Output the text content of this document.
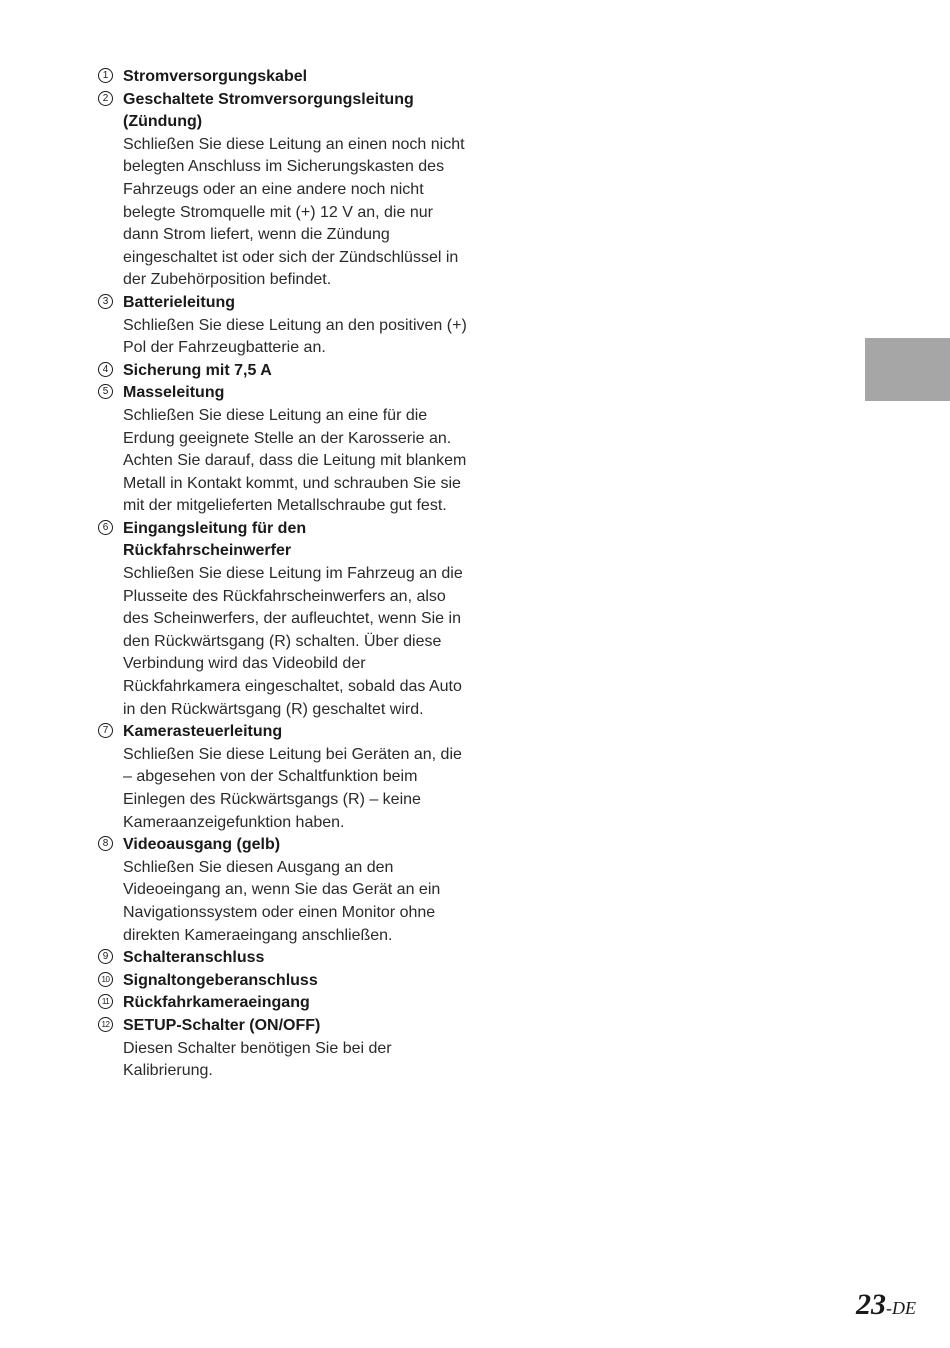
1 Stromversorgungskabel

2 Geschaltete Stromversorgungsleitung (Zündung)

Schließen Sie diese Leitung an einen noch nicht belegten Anschluss im Sicherungskasten des Fahrzeugs oder an eine andere noch nicht belegte Stromquelle mit (+) 12 V an, die nur dann Strom liefert, wenn die Zündung eingeschaltet ist oder sich der Zündschlüssel in der Zubehörposition befindet.

3 Batterieleitung

Schließen Sie diese Leitung an den positiven (+) Pol der Fahrzeugbatterie an.

4 Sicherung mit 7,5 A

5 Masseleitung

Schließen Sie diese Leitung an eine für die Erdung geeignete Stelle an der Karosserie an. Achten Sie darauf, dass die Leitung mit blankem Metall in Kontakt kommt, und schrauben Sie sie mit der mitgelieferten Metallschraube gut fest.

6 Eingangsleitung für den Rückfahrscheinwerfer

Schließen Sie diese Leitung im Fahrzeug an die Plusseite des Rückfahrscheinwerfers an, also des Scheinwerfers, der aufleuchtet, wenn Sie in den Rückwärtsgang (R) schalten. Über diese Verbindung wird das Videobild der Rückfahrkamera eingeschaltet, sobald das Auto in den Rückwärtsgang (R) geschaltet wird.

7 Kamerasteuerleitung

Schließen Sie diese Leitung bei Geräten an, die – abgesehen von der Schaltfunktion beim Einlegen des Rückwärtsgangs (R) – keine Kameraanzeigefunktion haben.

8 Videoausgang (gelb)

Schließen Sie diesen Ausgang an den Videoeingang an, wenn Sie das Gerät an ein Navigationssystem oder einen Monitor ohne direkten Kameraeingang anschließen.

9 Schalteranschluss

10 Signaltongeberanschluss

11 Rückfahrkameraeingang

12 SETUP-Schalter (ON/OFF)

Diesen Schalter benötigen Sie bei der Kalibrierung.

23-DE
